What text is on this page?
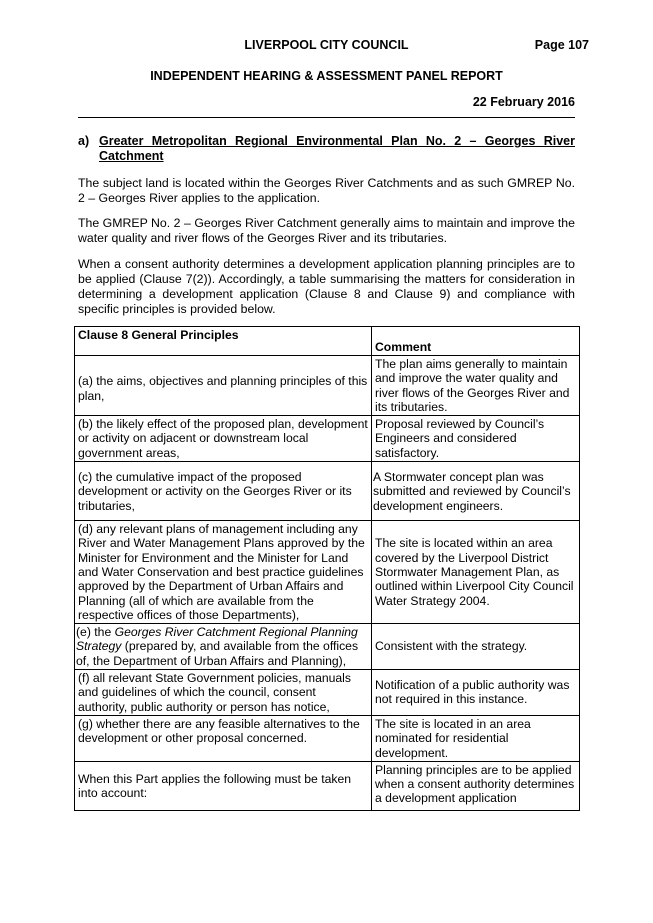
LIVERPOOL CITY COUNCIL	Page 107
INDEPENDENT HEARING & ASSESSMENT PANEL REPORT
22 February 2016
a) Greater Metropolitan Regional Environmental Plan No. 2 – Georges River Catchment

The subject land is located within the Georges River Catchments and as such GMREP No. 2 – Georges River applies to the application.

The GMREP No. 2 – Georges River Catchment generally aims to maintain and improve the water quality and river flows of the Georges River and its tributaries.

When a consent authority determines a development application planning principles are to be applied (Clause 7(2)). Accordingly, a table summarising the matters for consideration in determining a development application (Clause 8 and Clause 9) and compliance with specific principles is provided below.

Clause 8 General Principles	Comment
(a) the aims, objectives and planning principles of this plan,	The plan aims generally to maintain and improve the water quality and river flows of the Georges River and its tributaries.
(b) the likely effect of the proposed plan, development or activity on adjacent or downstream local government areas,	Proposal reviewed by Council’s Engineers and considered satisfactory.
(c) the cumulative impact of the proposed development or activity on the Georges River or its tributaries,	A Stormwater concept plan was submitted and reviewed by Council’s development engineers.
(d) any relevant plans of management including any River and Water Management Plans approved by the Minister for Environment and the Minister for Land and Water Conservation and best practice guidelines approved by the Department of Urban Affairs and Planning (all of which are available from the respective offices of those Departments),	The site is located within an area covered by the Liverpool District Stormwater Management Plan, as outlined within Liverpool City Council Water Strategy 2004.
(e) the Georges River Catchment Regional Planning Strategy (prepared by, and available from the offices of, the Department of Urban Affairs and Planning),	Consistent with the strategy.
(f) all relevant State Government policies, manuals and guidelines of which the council, consent authority, public authority or person has notice,	Notification of a public authority was not required in this instance.
(g) whether there are any feasible alternatives to the development or other proposal concerned.	The site is located in an area nominated for residential development.
When this Part applies the following must be taken into account:	Planning principles are to be applied when a consent authority determines a development application
